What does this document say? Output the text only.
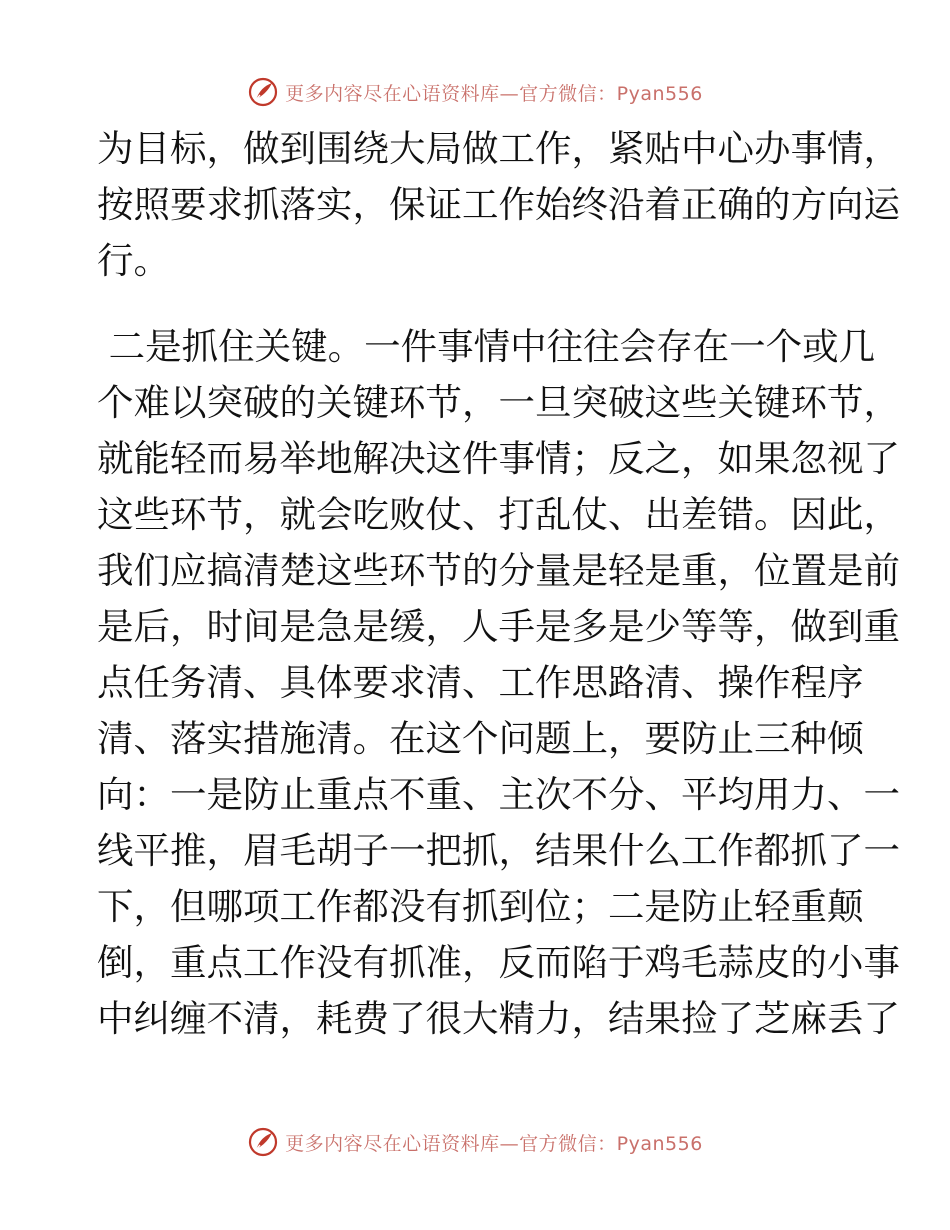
更多内容尽在心语资料库—官方微信：Pyan556
为目标，做到围绕大局做工作，紧贴中心办事情，
按照要求抓落实，保证工作始终沿着正确的方向运
行。
二是抓住关键。一件事情中往往会存在一个或几
个难以突破的关键环节，一旦突破这些关键环节，
就能轻而易举地解决这件事情；反之，如果忽视了
这些环节，就会吃败仗、打乱仗、出差错。因此，
我们应搞清楚这些环节的分量是轻是重，位置是前
是后，时间是急是缓，人手是多是少等等，做到重
点任务清、具体要求清、工作思路清、操作程序
清、落实措施清。在这个问题上，要防止三种倾
向：一是防止重点不重、主次不分、平均用力、一
线平推，眉毛胡子一把抓，结果什么工作都抓了一
下，但哪项工作都没有抓到位；二是防止轻重颠
倒，重点工作没有抓准，反而陷于鸡毛蒜皮的小事
中纠缠不清，耗费了很大精力，结果捡了芝麻丢了
更多内容尽在心语资料库—官方微信：Pyan556
